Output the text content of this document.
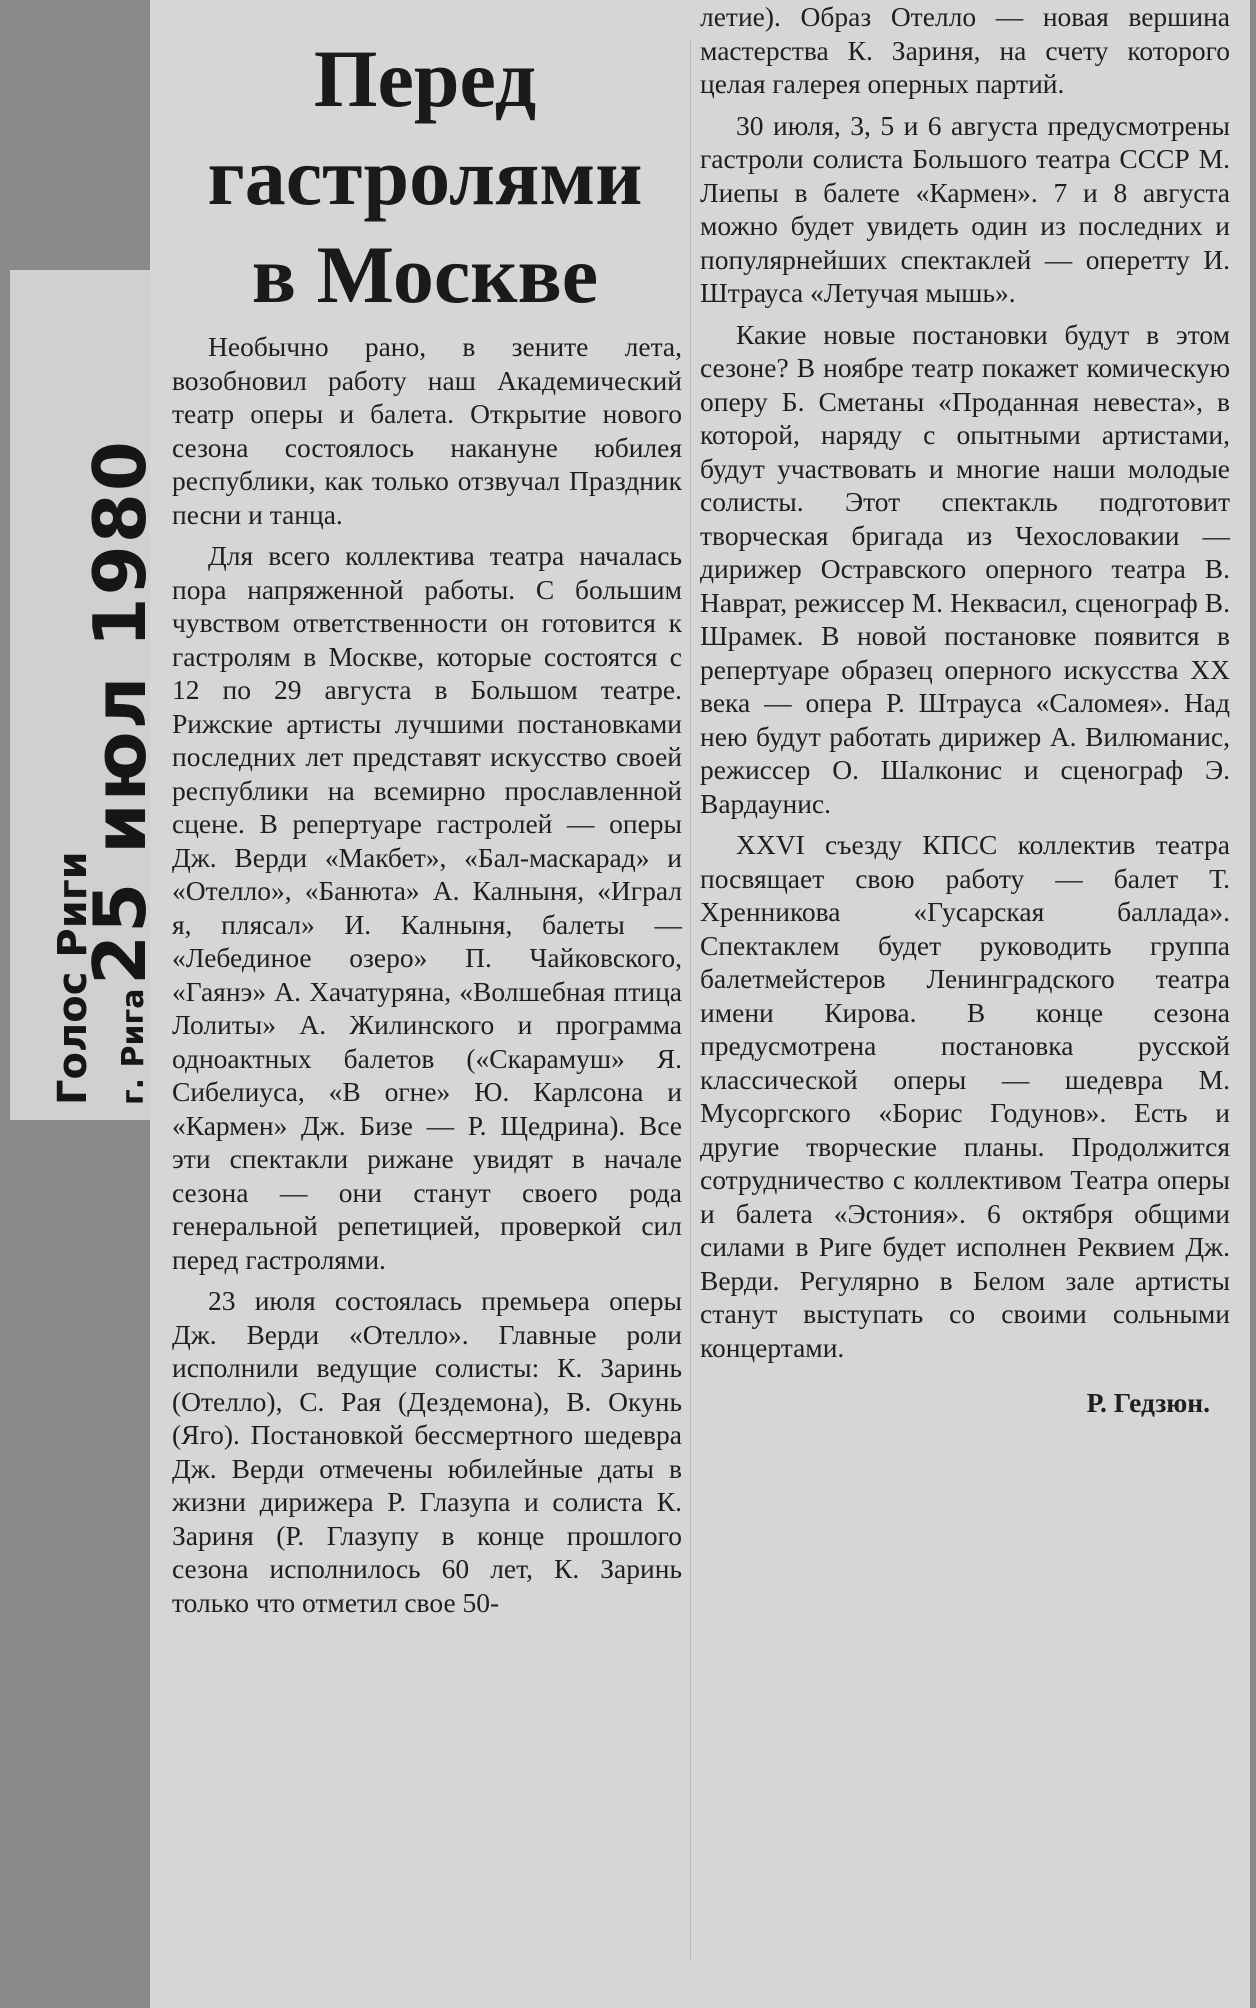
25 июл 1980
Голос Риги г. Рига
Перед
гастролями
в Москве

Необычно рано, в зените лета, возобновил работу наш Академический театр оперы и балета. Открытие нового сезона состоялось накануне юбилея республики, как только отзвучал Праздник песни и танца.

Для всего коллектива театра началась пора напряженной работы. С большим чувством ответственности он готовится к гастролям в Москве, которые состоятся с 12 по 29 августа в Большом театре. Рижские артисты лучшими постановками последних лет представят искусство своей республики на всемирно прославленной сцене. В репертуаре гастролей — оперы Дж. Верди «Макбет», «Бал-маскарад» и «Отелло», «Банюта» А. Калныня, «Играл я, плясал» И. Калныня, балеты — «Лебединое озеро» П. Чайковского, «Гаянэ» А. Хачатуряна, «Волшебная птица Лолиты» А. Жилинского и программа одноактных балетов («Скарамуш» Я. Сибелиуса, «В огне» Ю. Карлсона и «Кармен» Дж. Бизе — Р. Щедрина). Все эти спектакли рижане увидят в начале сезона — они станут своего рода генеральной репетицией, проверкой сил перед гастролями.

23 июля состоялась премьера оперы Дж. Верди «Отелло». Главные роли исполнили ведущие солисты: К. Заринь (Отелло), С. Рая (Дездемона), В. Окунь (Яго). Постановкой бессмертного шедевра Дж. Верди отмечены юбилейные даты в жизни дирижера Р. Глазупа и солиста К. Зариня (Р. Глазупу в конце прошлого сезона исполнилось 60 лет, К. Заринь только что отметил свое 50-

летие). Образ Отелло — новая вершина мастерства К. Зариня, на счету которого целая галерея оперных партий.

30 июля, 3, 5 и 6 августа предусмотрены гастроли солиста Большого театра СССР М. Лиепы в балете «Кармен». 7 и 8 августа можно будет увидеть один из последних и популярнейших спектаклей — оперетту И. Штрауса «Летучая мышь».

Какие новые постановки будут в этом сезоне? В ноябре театр покажет комическую оперу Б. Сметаны «Проданная невеста», в которой, наряду с опытными артистами, будут участвовать и многие наши молодые солисты. Этот спектакль подготовит творческая бригада из Чехословакии — дирижер Остравского оперного театра В. Наврат, режиссер М. Неквасил, сценограф В. Шрамек. В новой постановке появится в репертуаре образец оперного искусства XX века — опера Р. Штрауса «Саломея». Над нею будут работать дирижер А. Вилюманис, режиссер О. Шалконис и сценограф Э. Вардаунис.

XXVI съезду КПСС коллектив театра посвящает свою работу — балет Т. Хренникова «Гусарская баллада». Спектаклем будет руководить группа балетмейстеров Ленинградского театра имени Кирова. В конце сезона предусмотрена постановка русской классической оперы — шедевра М. Мусоргского «Борис Годунов». Есть и другие творческие планы. Продолжится сотрудничество с коллективом Театра оперы и балета «Эстония». 6 октября общими силами в Риге будет исполнен Реквием Дж. Верди. Регулярно в Белом зале артисты станут выступать со своими сольными концертами.

Р. Гедзюн.
